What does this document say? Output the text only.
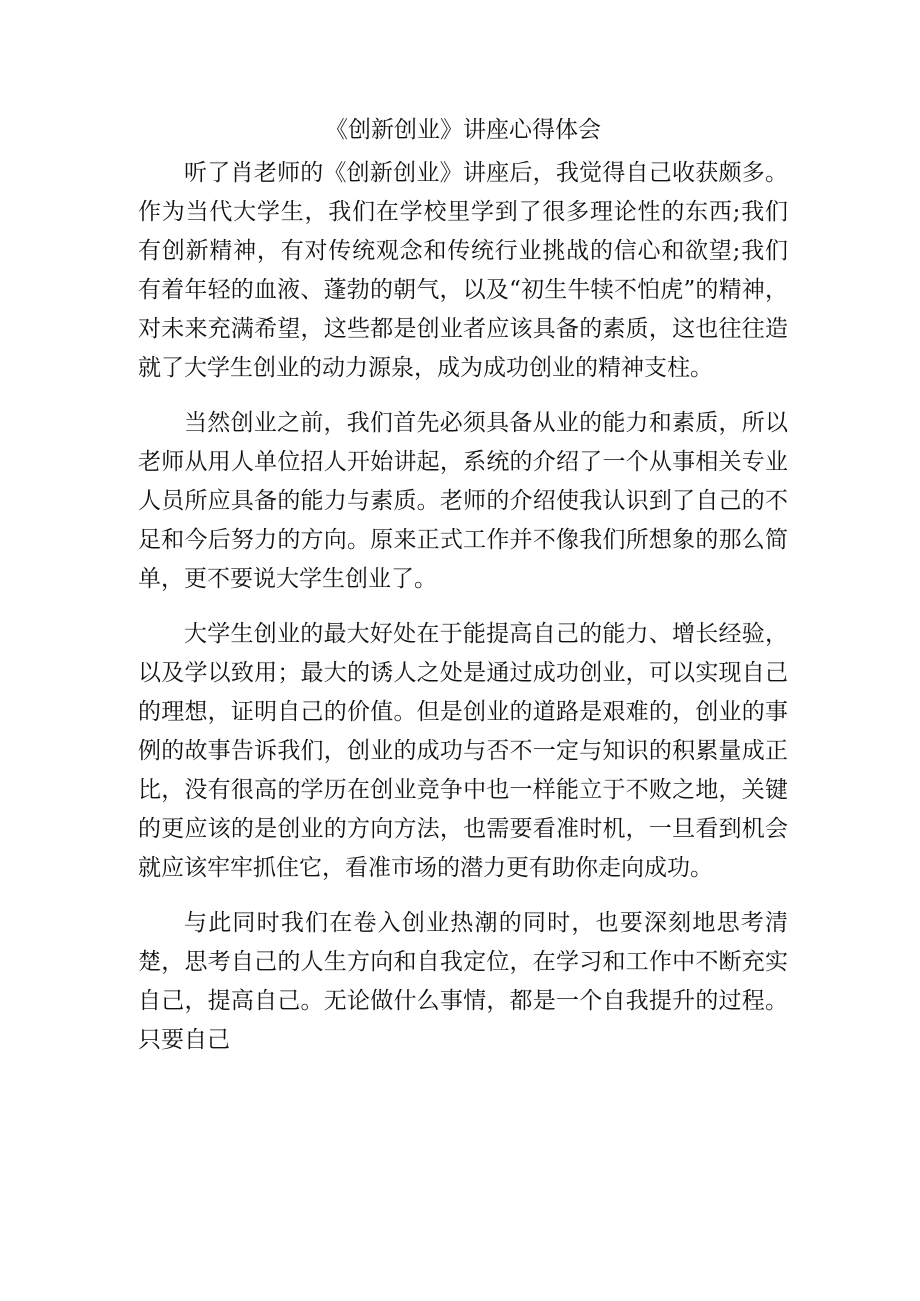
《创新创业》讲座心得体会

听了肖老师的《创新创业》讲座后，我觉得自己收获颇多。作为当代大学生，我们在学校里学到了很多理论性的东西;我们有创新精神，有对传统观念和传统行业挑战的信心和欲望;我们有着年轻的血液、蓬勃的朝气，以及“初生牛犊不怕虎”的精神，对未来充满希望，这些都是创业者应该具备的素质，这也往往造就了大学生创业的动力源泉，成为成功创业的精神支柱。

当然创业之前，我们首先必须具备从业的能力和素质，所以老师从用人单位招人开始讲起，系统的介绍了一个从事相关专业人员所应具备的能力与素质。老师的介绍使我认识到了自己的不足和今后努力的方向。原来正式工作并不像我们所想象的那么简单，更不要说大学生创业了。

大学生创业的最大好处在于能提高自己的能力、增长经验，以及学以致用；最大的诱人之处是通过成功创业，可以实现自己的理想，证明自己的价值。但是创业的道路是艰难的，创业的事例的故事告诉我们，创业的成功与否不一定与知识的积累量成正比，没有很高的学历在创业竞争中也一样能立于不败之地，关键的更应该的是创业的方向方法，也需要看准时机，一旦看到机会就应该牢牢抓住它，看准市场的潜力更有助你走向成功。

与此同时我们在卷入创业热潮的同时，也要深刻地思考清楚，思考自己的人生方向和自我定位，在学习和工作中不断充实自己，提高自己。无论做什么事情，都是一个自我提升的过程。只要自己
